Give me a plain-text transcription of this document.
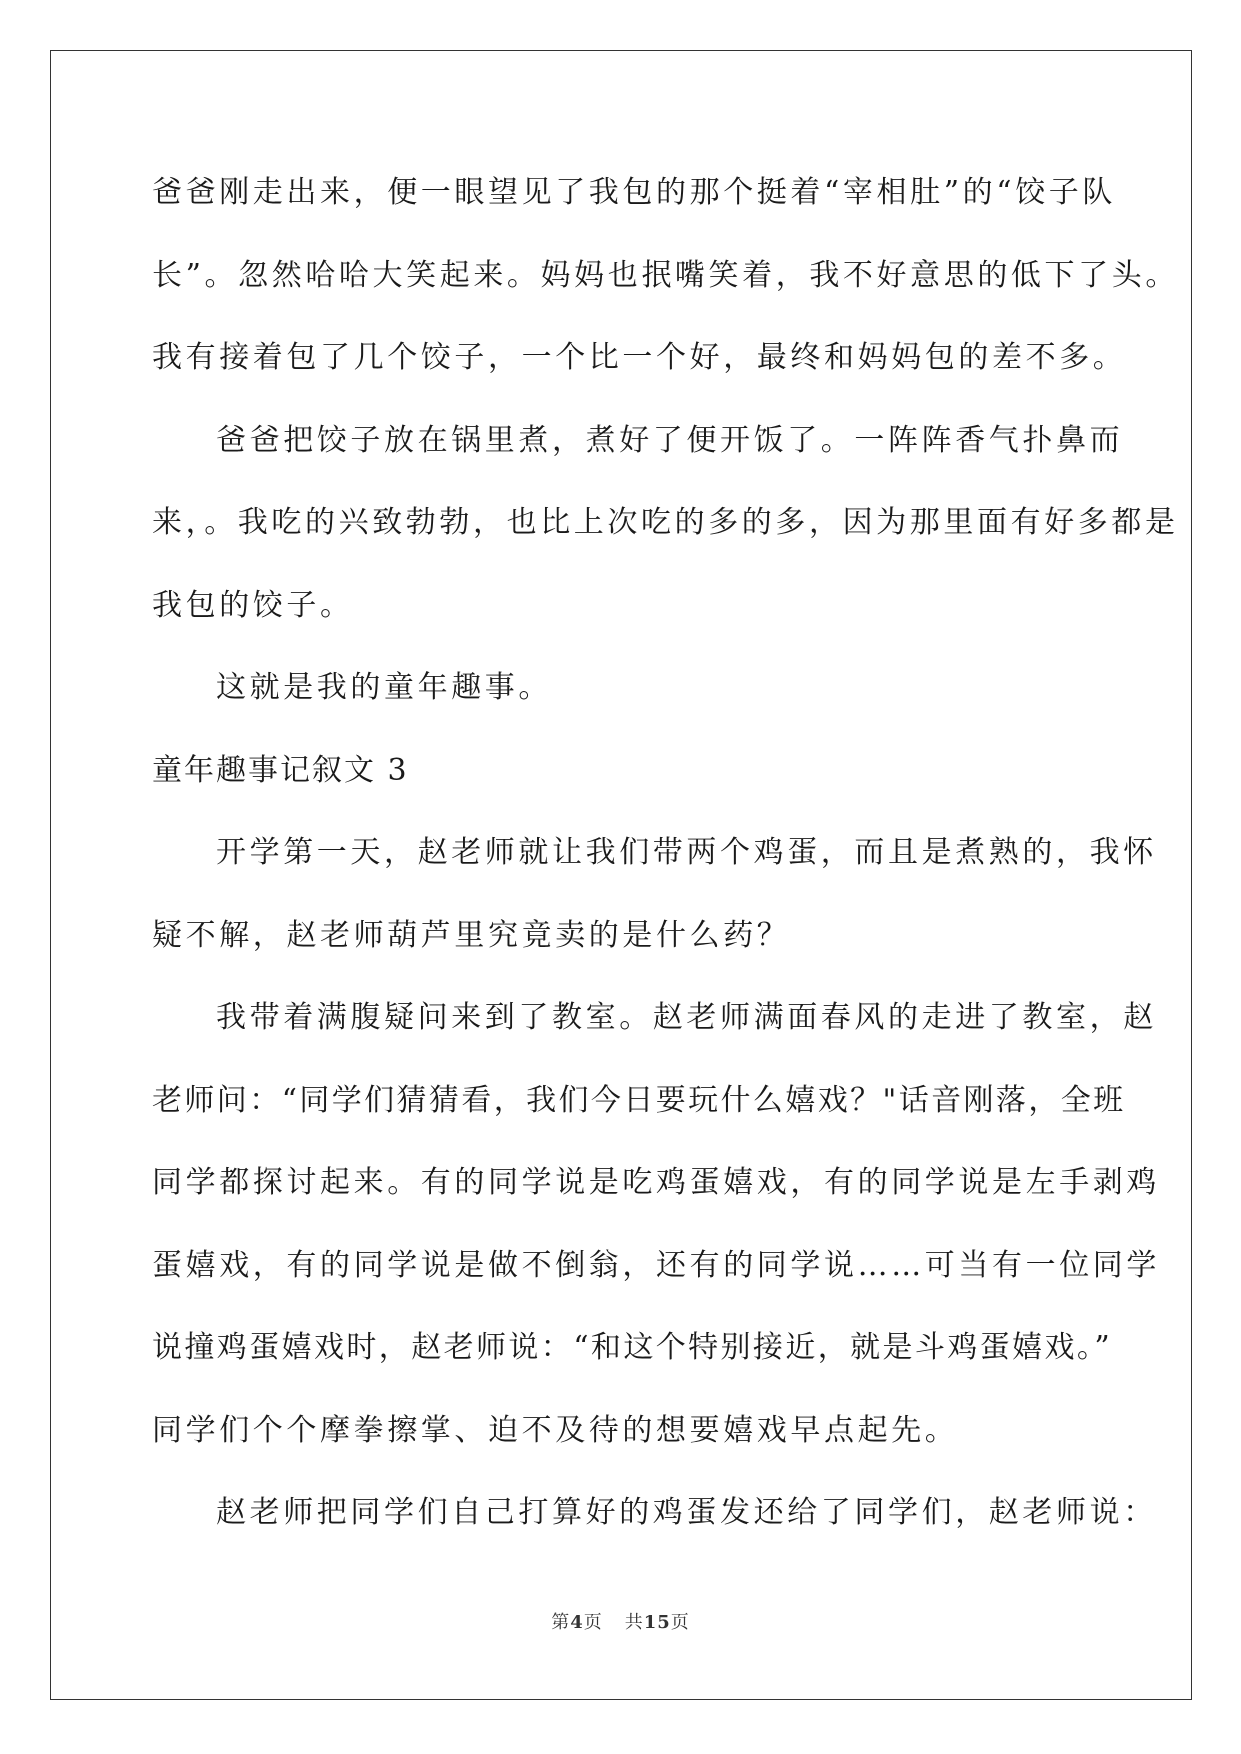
爸爸刚走出来，便一眼望见了我包的那个挺着“宰相肚”的“饺子队
长”。忽然哈哈大笑起来。妈妈也抿嘴笑着，我不好意思的低下了头。
我有接着包了几个饺子，一个比一个好，最终和妈妈包的差不多。
爸爸把饺子放在锅里煮，煮好了便开饭了。一阵阵香气扑鼻而
来，。我吃的兴致勃勃，也比上次吃的多的多，因为那里面有好多都是
我包的饺子。
这就是我的童年趣事。
童年趣事记叙文 3
开学第一天，赵老师就让我们带两个鸡蛋，而且是煮熟的，我怀
疑不解，赵老师葫芦里究竟卖的是什么药？
我带着满腹疑问来到了教室。赵老师满面春风的走进了教室，赵
老师问：“同学们猜猜看，我们今日要玩什么嬉戏？"话音刚落，全班
同学都探讨起来。有的同学说是吃鸡蛋嬉戏，有的同学说是左手剥鸡
蛋嬉戏，有的同学说是做不倒翁，还有的同学说……可当有一位同学
说撞鸡蛋嬉戏时，赵老师说：“和这个特别接近，就是斗鸡蛋嬉戏。”
同学们个个摩拳擦掌、迫不及待的想要嬉戏早点起先。
赵老师把同学们自己打算好的鸡蛋发还给了同学们，赵老师说：
第4页 共15页
